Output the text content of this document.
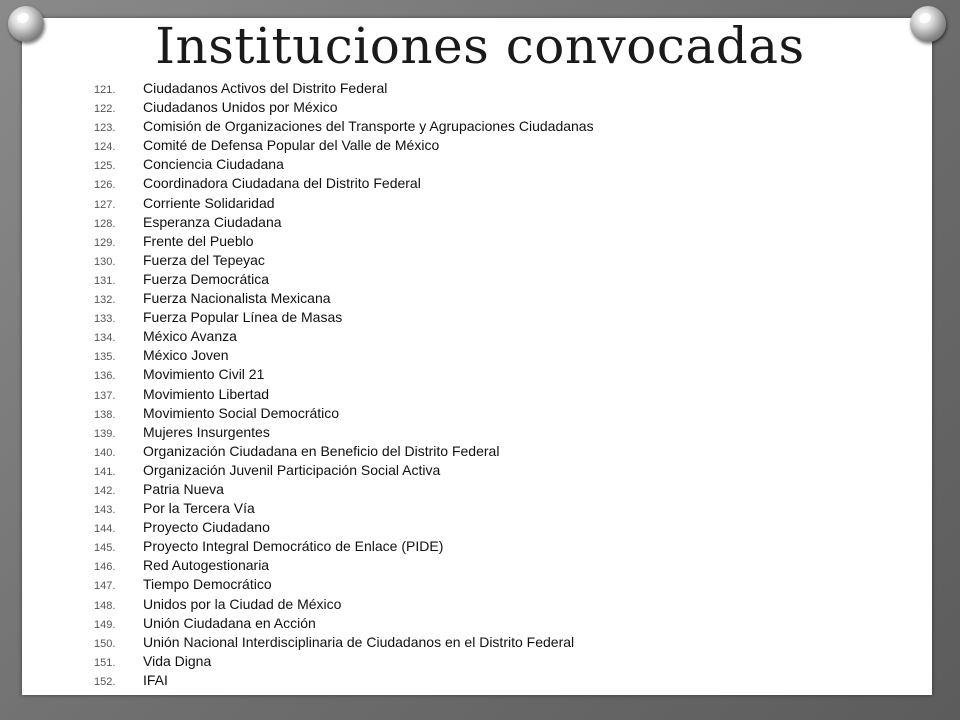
Instituciones convocadas
121.	Ciudadanos Activos del Distrito Federal
122.	Ciudadanos Unidos por México
123.	Comisión de Organizaciones del Transporte y Agrupaciones Ciudadanas
124.	Comité de Defensa Popular del Valle de México
125.	Conciencia Ciudadana
126.	Coordinadora Ciudadana del Distrito Federal
127.	Corriente Solidaridad
128.	Esperanza Ciudadana
129.	Frente del Pueblo
130.	Fuerza del Tepeyac
131.	Fuerza Democrática
132.	Fuerza Nacionalista Mexicana
133.	Fuerza Popular Línea de Masas
134.	México Avanza
135.	México Joven
136.	Movimiento Civil 21
137.	Movimiento Libertad
138.	Movimiento Social Democrático
139.	Mujeres Insurgentes
140.	Organización Ciudadana en Beneficio del Distrito Federal
141.	Organización Juvenil Participación Social Activa
142.	Patria Nueva
143.	Por la Tercera Vía
144.	Proyecto Ciudadano
145.	Proyecto Integral Democrático de Enlace (PIDE)
146.	Red Autogestionaria
147.	Tiempo Democrático
148.	Unidos por la Ciudad de México
149.	Unión Ciudadana en Acción
150.	Unión Nacional Interdisciplinaria de Ciudadanos en el Distrito Federal
151.	Vida Digna
152.	IFAI
